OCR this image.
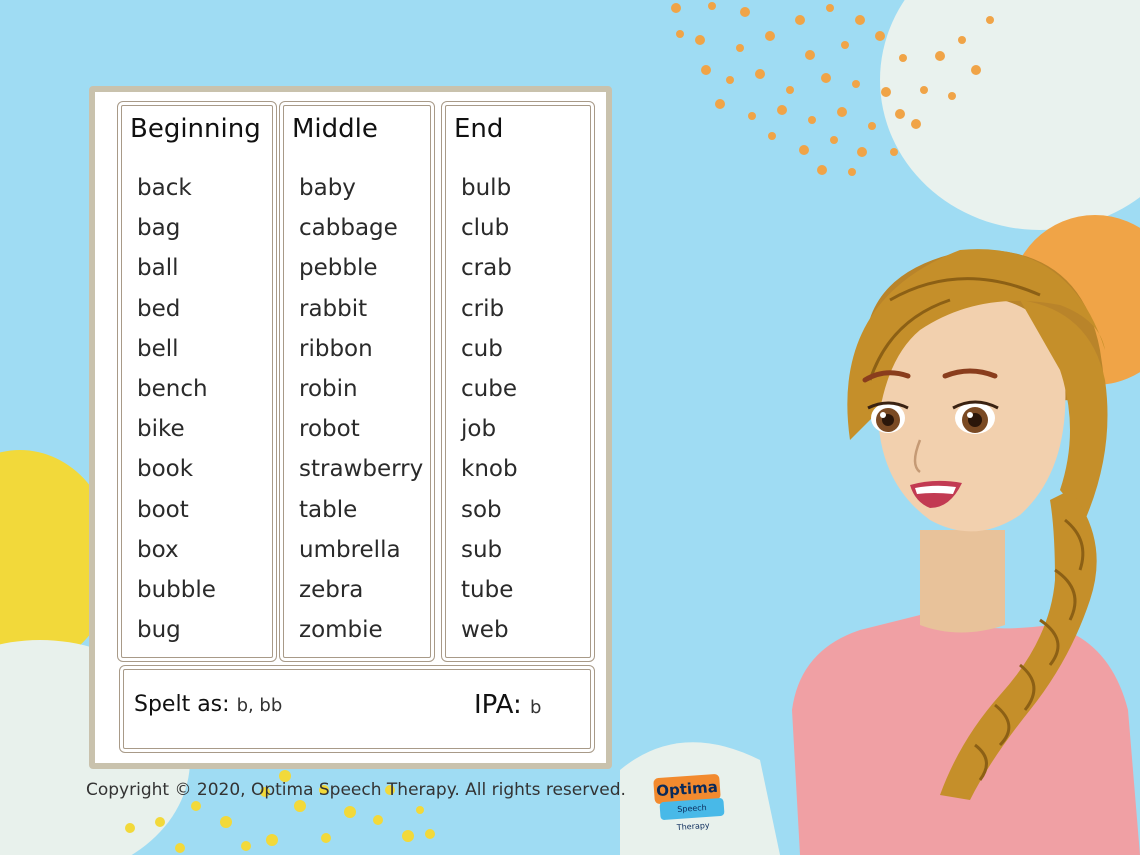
Beginning
back
bag
ball
bed
bell
bench
bike
book
boot
box
bubble
bug
Middle
baby
cabbage
pebble
rabbit
ribbon
robin
robot
strawberry
table
umbrella
zebra
zombie
End
bulb
club
crab
crib
cub
cube
job
knob
sob
sub
tube
web
Spelt as: b, bb	IPA: b
Copyright © 2020, Optima Speech Therapy. All rights reserved. Optima
Speech Therapy
